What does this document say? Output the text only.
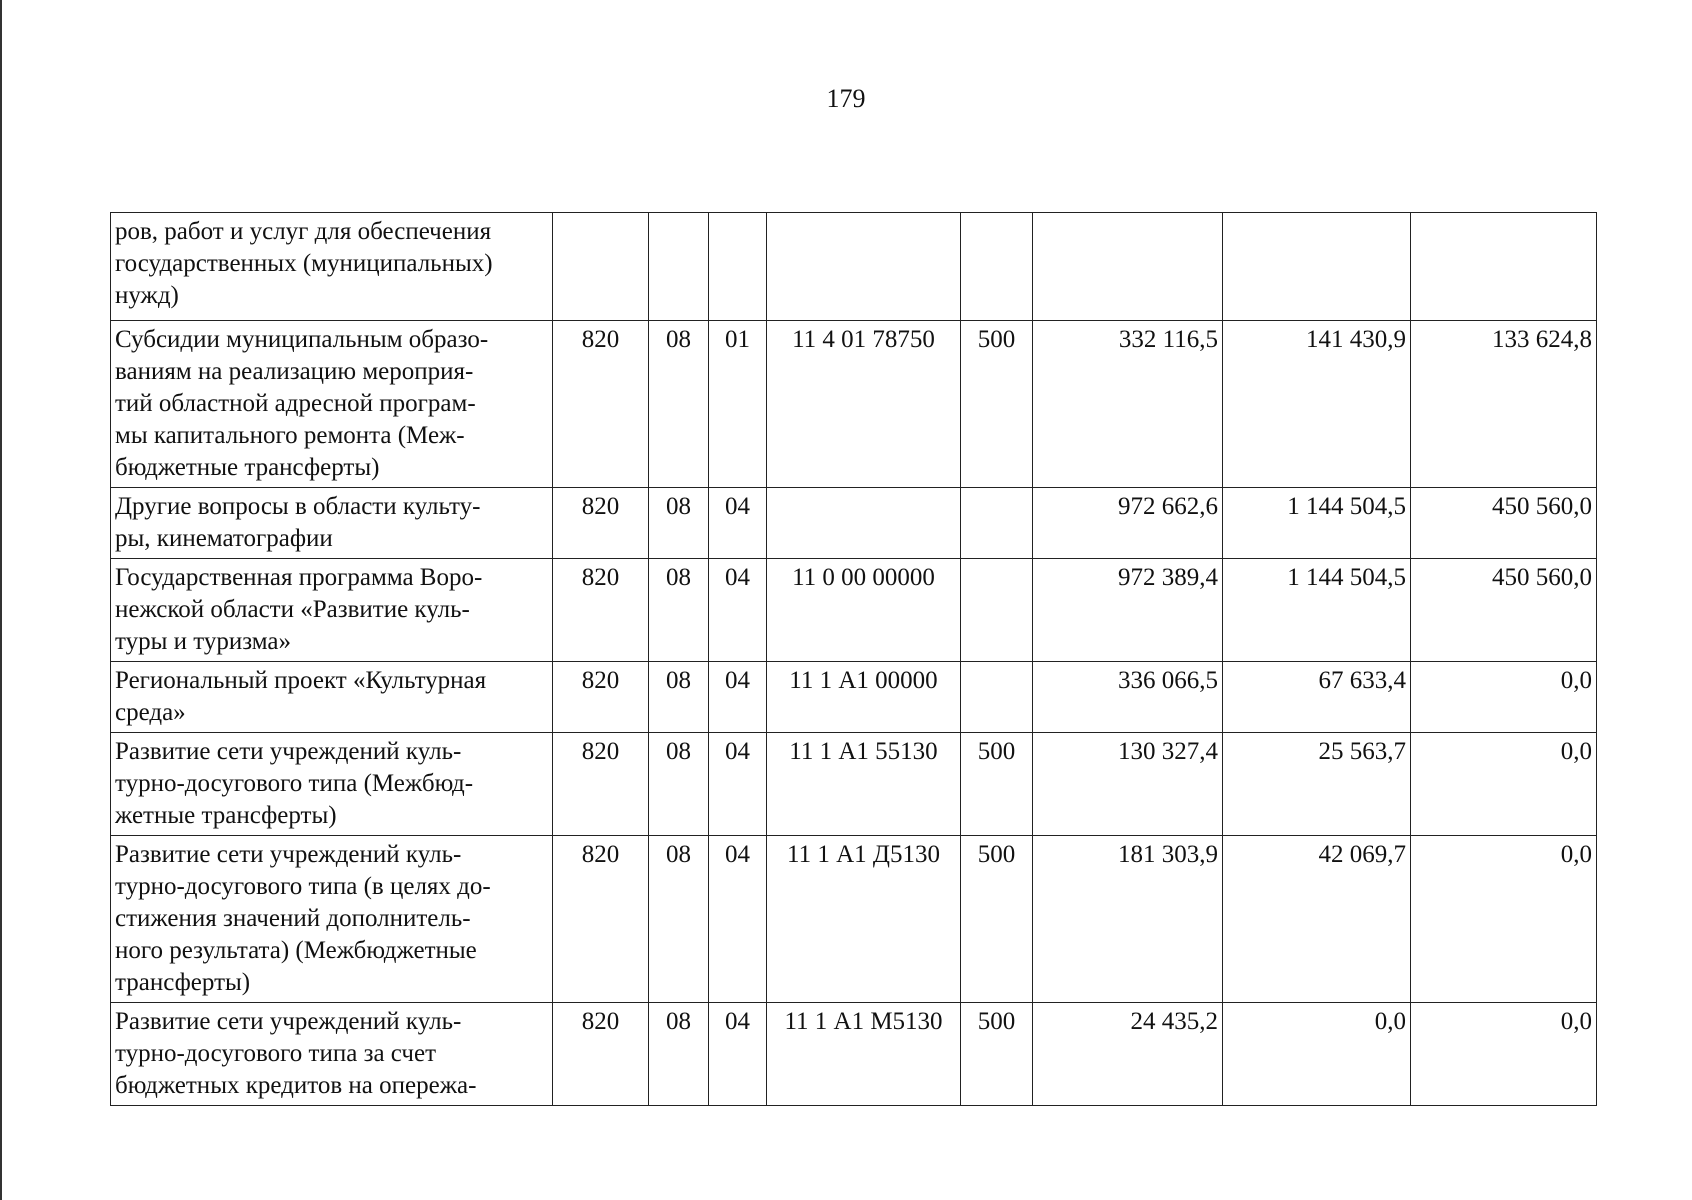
179
ров, работ и услуг для обеспечения
государственных (муниципальных)
нужд)								

Субсидии муниципальным образо-
ваниям на реализацию мероприя-
тий областной адресной програм-
мы капитального ремонта (Меж-
бюджетные трансферты)	820	08	01	11 4 01 78750	500	332 116,5	141 430,9	133 624,8

Другие вопросы в области культу-
ры, кинематографии	820	08	04			972 662,6	1 144 504,5	450 560,0

Государственная программа Воро-
нежской области «Развитие куль-
туры и туризма»	820	08	04	11 0 00 00000		972 389,4	1 144 504,5	450 560,0

Региональный проект «Культурная
среда»	820	08	04	11 1 А1 00000		336 066,5	67 633,4	0,0

Развитие сети учреждений куль-
турно-досугового типа (Межбюд-
жетные трансферты)	820	08	04	11 1 А1 55130	500	130 327,4	25 563,7	0,0

Развитие сети учреждений куль-
турно-досугового типа (в целях до-
стижения значений дополнитель-
ного результата) (Межбюджетные
трансферты)	820	08	04	11 1 А1 Д5130	500	181 303,9	42 069,7	0,0

Развитие сети учреждений куль-
турно-досугового типа за счет
бюджетных кредитов на опережа-	820	08	04	11 1 А1 М5130	500	24 435,2	0,0	0,0
